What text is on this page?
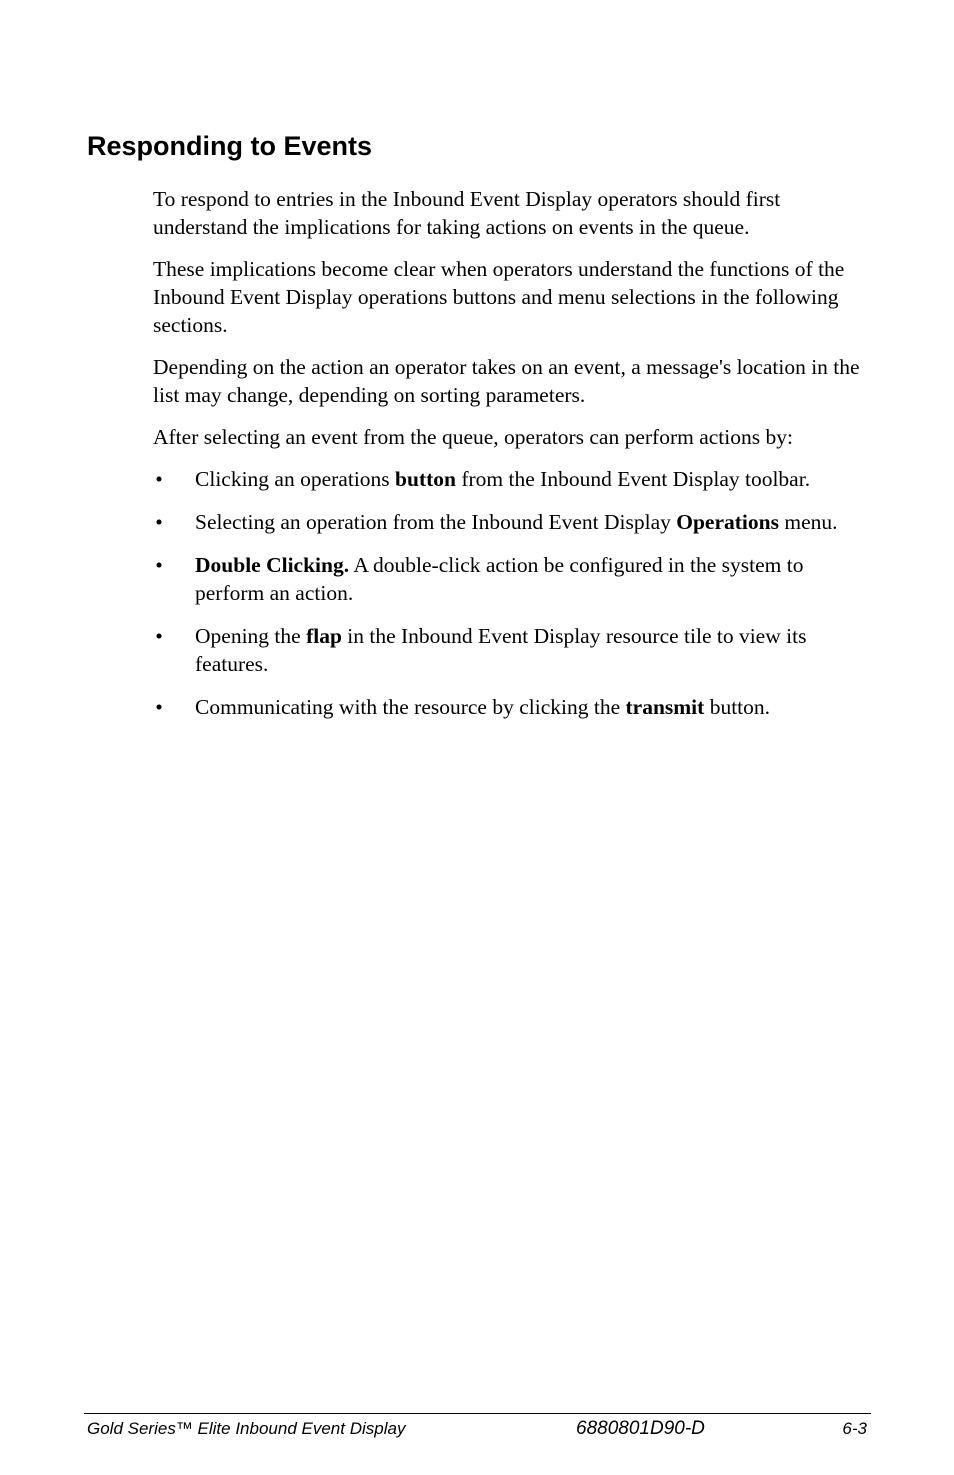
Responding to Events

To respond to entries in the Inbound Event Display operators should first understand the implications for taking actions on events in the queue.

These implications become clear when operators understand the functions of the Inbound Event Display operations buttons and menu selections in the following sections.

Depending on the action an operator takes on an event, a message's location in the list may change, depending on sorting parameters.

After selecting an event from the queue, operators can perform actions by:

• Clicking an operations button from the Inbound Event Display toolbar.
• Selecting an operation from the Inbound Event Display Operations menu.
• Double Clicking. A double-click action be configured in the system to perform an action.
• Opening the flap in the Inbound Event Display resource tile to view its features.
• Communicating with the resource by clicking the transmit button.
Gold Series™ Elite Inbound Event Display	6880801D90-D	6-3
